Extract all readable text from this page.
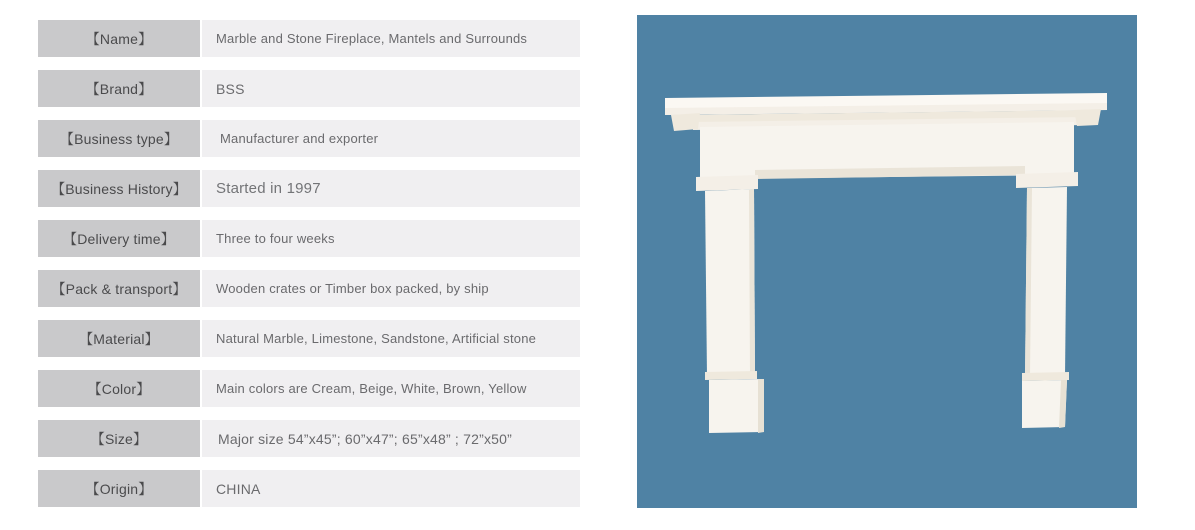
【Name】	Marble and Stone Fireplace, Mantels and Surrounds
【Brand】	BSS
【Business type】	Manufacturer and exporter
【Business History】	Started in 1997
【Delivery time】	Three to four weeks
【Pack & transport】	Wooden crates or Timber box packed, by ship
【Material】	Natural Marble, Limestone, Sandstone, Artificial stone
【Color】	Main colors are Cream, Beige, White, Brown, Yellow
【Size】	Major size 54”x45”; 60”x47”; 65”x48” ; 72”x50”
【Origin】	CHINA
